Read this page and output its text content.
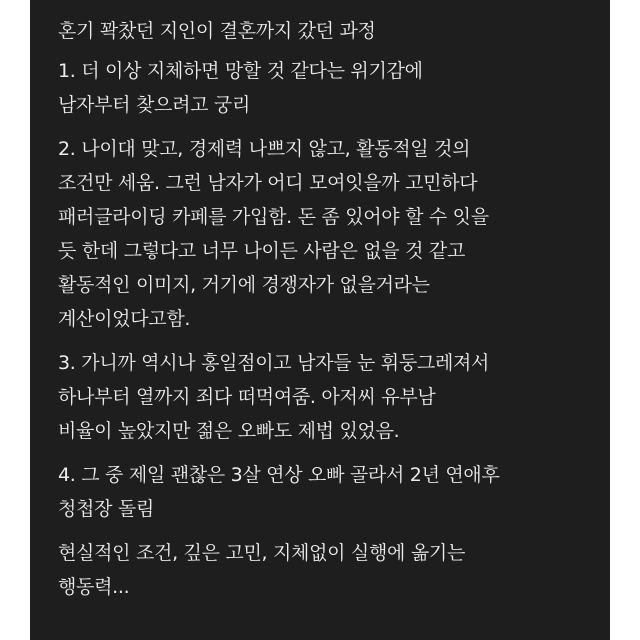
혼기 꽉찼던 지인이 결혼까지 갔던 과정
1. 더 이상 지체하면 망할 것 같다는 위기감에
남자부터 찾으려고 궁리
2. 나이대 맞고, 경제력 나쁘지 않고, 활동적일 것의
조건만 세움. 그런 남자가 어디 모여잇을까 고민하다
패러글라이딩 카페를 가입함. 돈 좀 있어야 할 수 잇을
듯 한데 그렇다고 너무 나이든 사람은 없을 것 같고
활동적인 이미지, 거기에 경쟁자가 없을거라는
계산이었다고함.
3. 가니까 역시나 홍일점이고 남자들 눈 휘둥그레져서
하나부터 열까지 죄다 떠먹여줌. 아저씨 유부남
비율이 높았지만 젊은 오빠도 제법 있었음.
4. 그 중 제일 괜찮은 3살 연상 오빠 골라서 2년 연애후
청첩장 돌림
현실적인 조건, 깊은 고민, 지체없이 실행에 옮기는
행동력...
